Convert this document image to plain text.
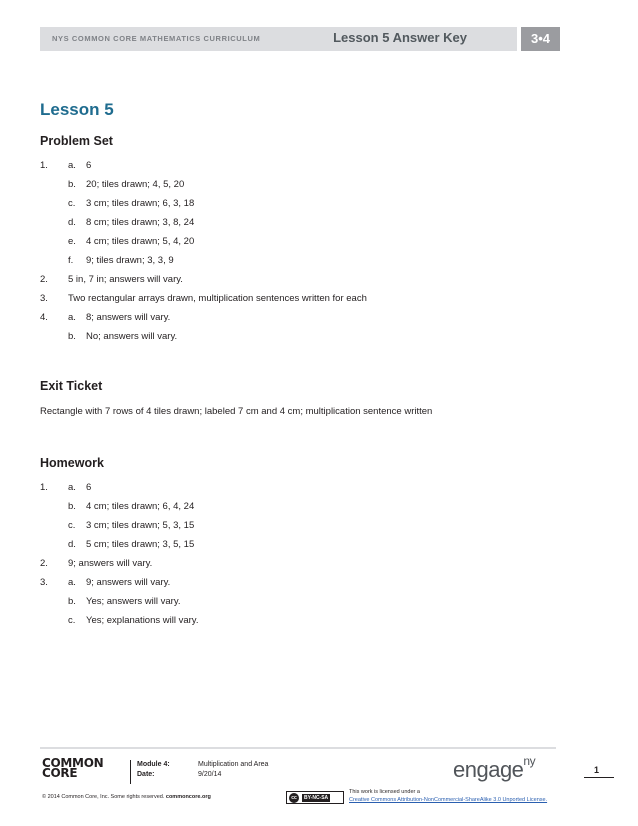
NYS COMMON CORE MATHEMATICS CURRICULUM	Lesson 5 Answer Key	3•4
Lesson 5
Problem Set
1. a. 6
b. 20; tiles drawn; 4, 5, 20
c. 3 cm; tiles drawn; 6, 3, 18
d. 8 cm; tiles drawn; 3, 8, 24
e. 4 cm; tiles drawn; 5, 4, 20
f. 9; tiles drawn; 3, 3, 9
2. 5 in, 7 in; answers will vary.
3. Two rectangular arrays drawn, multiplication sentences written for each
4. a. 8; answers will vary.
b. No; answers will vary.
Exit Ticket
Rectangle with 7 rows of 4 tiles drawn; labeled 7 cm and 4 cm; multiplication sentence written
Homework
1. a. 6
b. 4 cm; tiles drawn; 6, 4, 24
c. 3 cm; tiles drawn; 5, 3, 15
d. 5 cm; tiles drawn; 3, 5, 15
2. 9; answers will vary.
3. a. 9; answers will vary.
b. Yes; answers will vary.
c. Yes; explanations will vary.
COMMON
CORE
Module 4:	Multiplication and Area
Date:	9/20/14	engage$^{ny}$
1
© 2014 Common Core, Inc. Some rights reserved. commoncore.org	cc	BY-NC-SA
This work is licensed under a
Creative Commons Attribution-NonCommercial-ShareAlike 3.0 Unported License.
